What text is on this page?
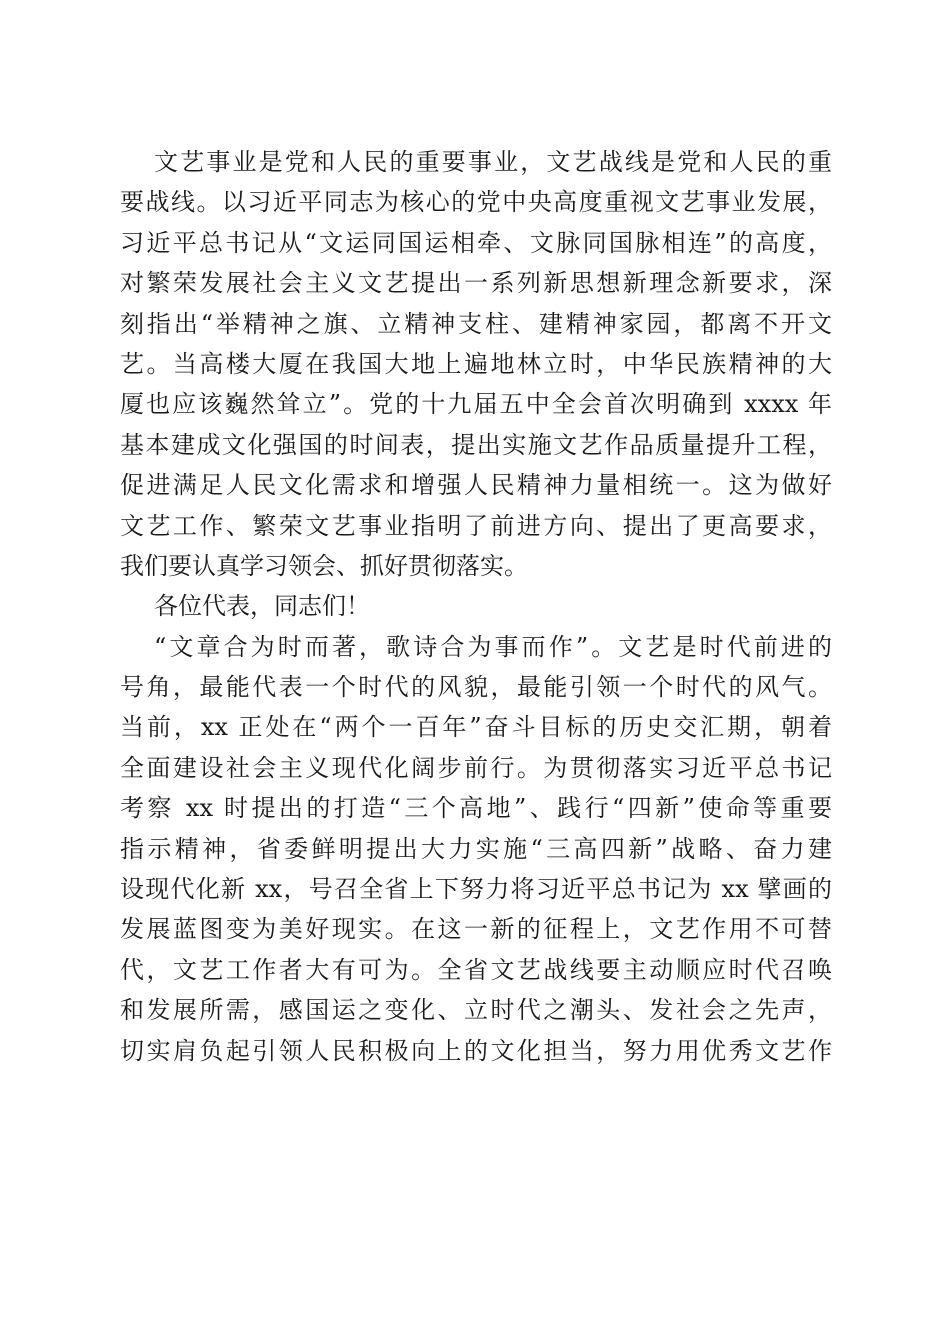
文艺事业是党和人民的重要事业，文艺战线是党和人民的重
要战线。以习近平同志为核心的党中央高度重视文艺事业发展，
习近平总书记从“文运同国运相牵、文脉同国脉相连”的高度，
对繁荣发展社会主义文艺提出一系列新思想新理念新要求，深
刻指出“举精神之旗、立精神支柱、建精神家园，都离不开文
艺。当高楼大厦在我国大地上遍地林立时，中华民族精神的大
厦也应该巍然耸立”。党的十九届五中全会首次明确到 xxxx 年
基本建成文化强国的时间表，提出实施文艺作品质量提升工程，
促进满足人民文化需求和增强人民精神力量相统一。这为做好
文艺工作、繁荣文艺事业指明了前进方向、提出了更高要求，
我们要认真学习领会、抓好贯彻落实。
各位代表，同志们！
“文章合为时而著，歌诗合为事而作”。文艺是时代前进的
号角，最能代表一个时代的风貌，最能引领一个时代的风气。
当前，xx 正处在“两个一百年”奋斗目标的历史交汇期，朝着
全面建设社会主义现代化阔步前行。为贯彻落实习近平总书记
考察 xx 时提出的打造“三个高地”、践行“四新”使命等重要
指示精神，省委鲜明提出大力实施“三高四新”战略、奋力建
设现代化新 xx，号召全省上下努力将习近平总书记为 xx 擘画的
发展蓝图变为美好现实。在这一新的征程上，文艺作用不可替
代，文艺工作者大有可为。全省文艺战线要主动顺应时代召唤
和发展所需，感国运之变化、立时代之潮头、发社会之先声，
切实肩负起引领人民积极向上的文化担当，努力用优秀文艺作
